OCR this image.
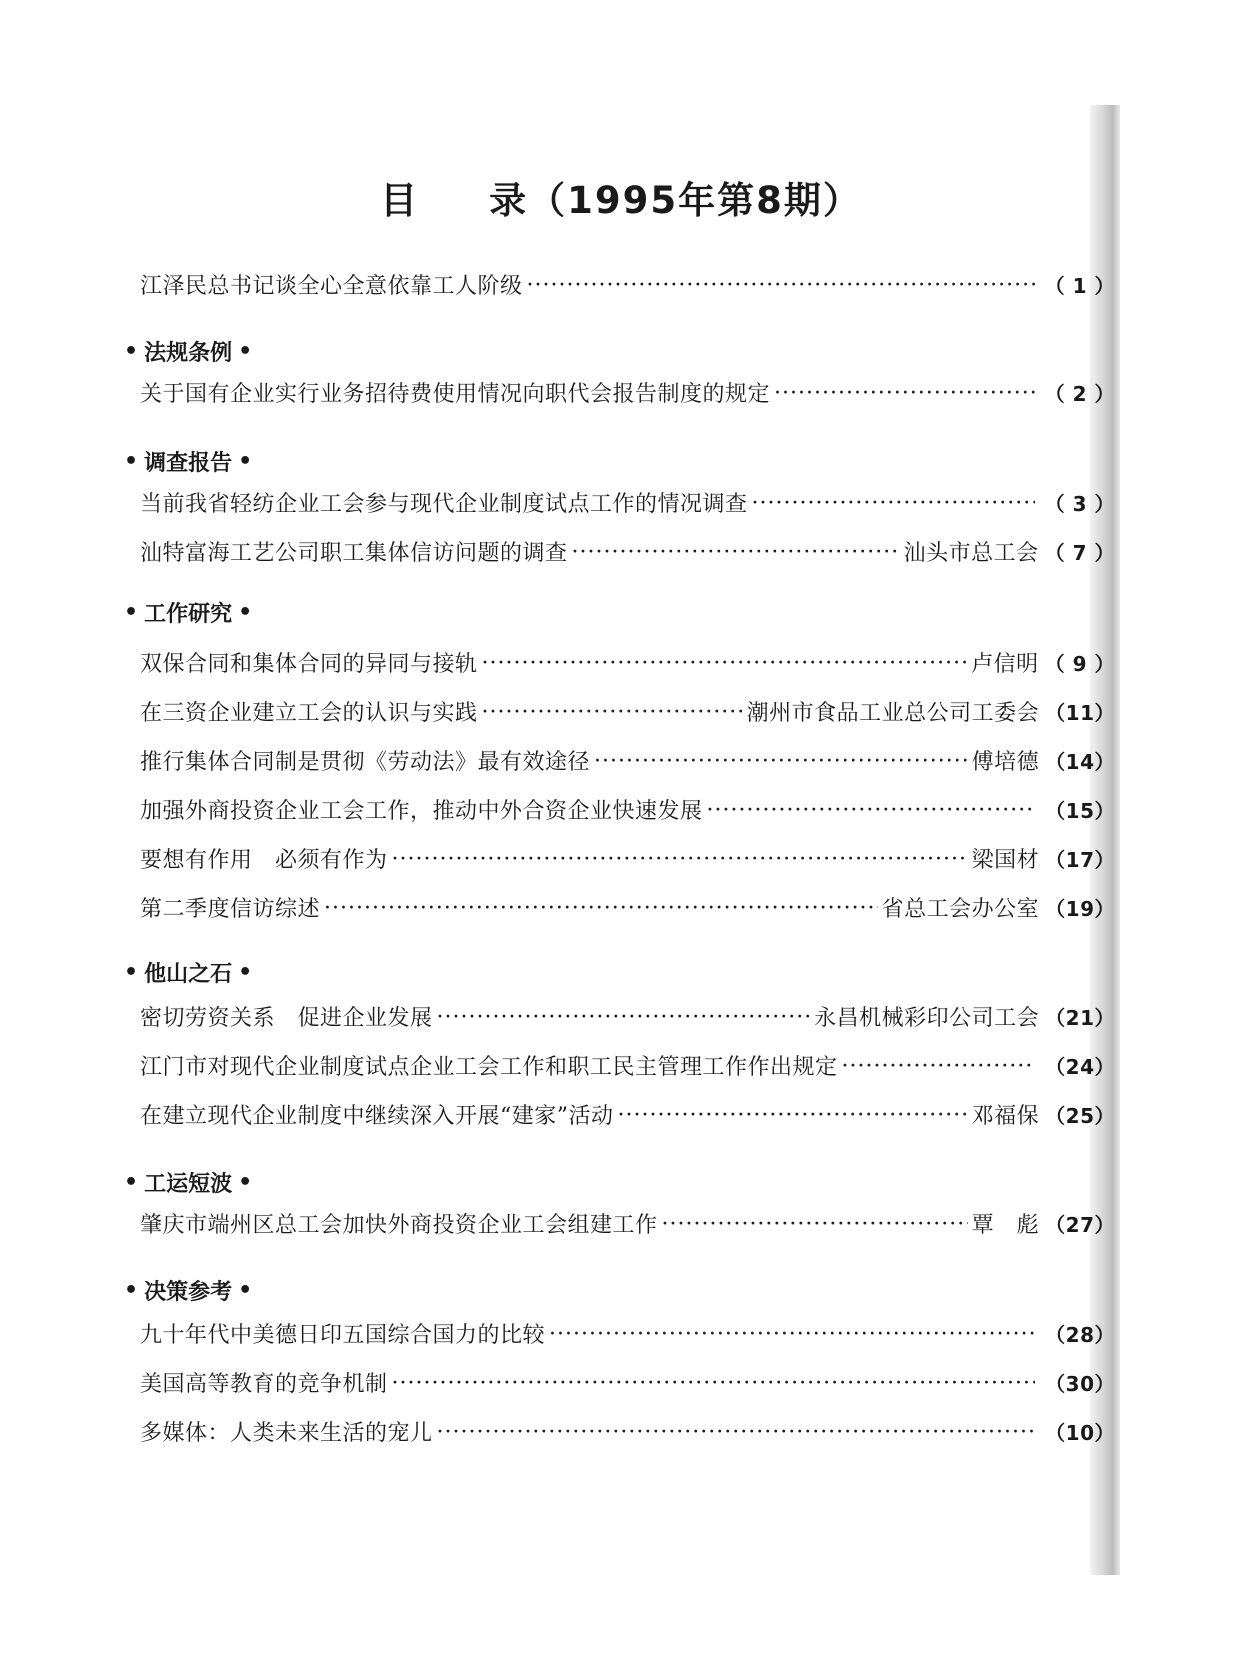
目 录（1995年第8期）
江泽民总书记谈全心全意依靠工人阶级 ·····	（ 1 ）
• 法规条例 •
关于国有企业实行业务招待费使用情况向职代会报告制度的规定 ·····	（ 2 ）
• 调查报告 •
当前我省轻纺企业工会参与现代企业制度试点工作的情况调查 ·····	（ 3 ）
汕特富海工艺公司职工集体信访问题的调查 ·····	汕头市总工会 （ 7 ）
• 工作研究 •
双保合同和集体合同的异同与接轨 ·····	卢信明 （ 9 ）
在三资企业建立工会的认识与实践 ·····	潮州市食品工业总公司工委会 （11）
推行集体合同制是贯彻《劳动法》最有效途径 ·····	傅培德 （14）
加强外商投资企业工会工作，推动中外合资企业快速发展 ·····	（15）
要想有作用　必须有作为 ·····	梁国材 （17）
第二季度信访综述 ·····	省总工会办公室 （19）
• 他山之石 •
密切劳资关系　促进企业发展 ·····	永昌机械彩印公司工会 （21）
江门市对现代企业制度试点企业工会工作和职工民主管理工作作出规定 ·····	（24）
在建立现代企业制度中继续深入开展“建家”活动 ·····	邓福保 （25）
• 工运短波 •
肇庆市端州区总工会加快外商投资企业工会组建工作 ·····	覃　彪 （27）
• 决策参考 •
九十年代中美德日印五国综合国力的比较 ·····	（28）
美国高等教育的竞争机制 ·····	（30）
多媒体：人类未来生活的宠儿 ·····	（10）
